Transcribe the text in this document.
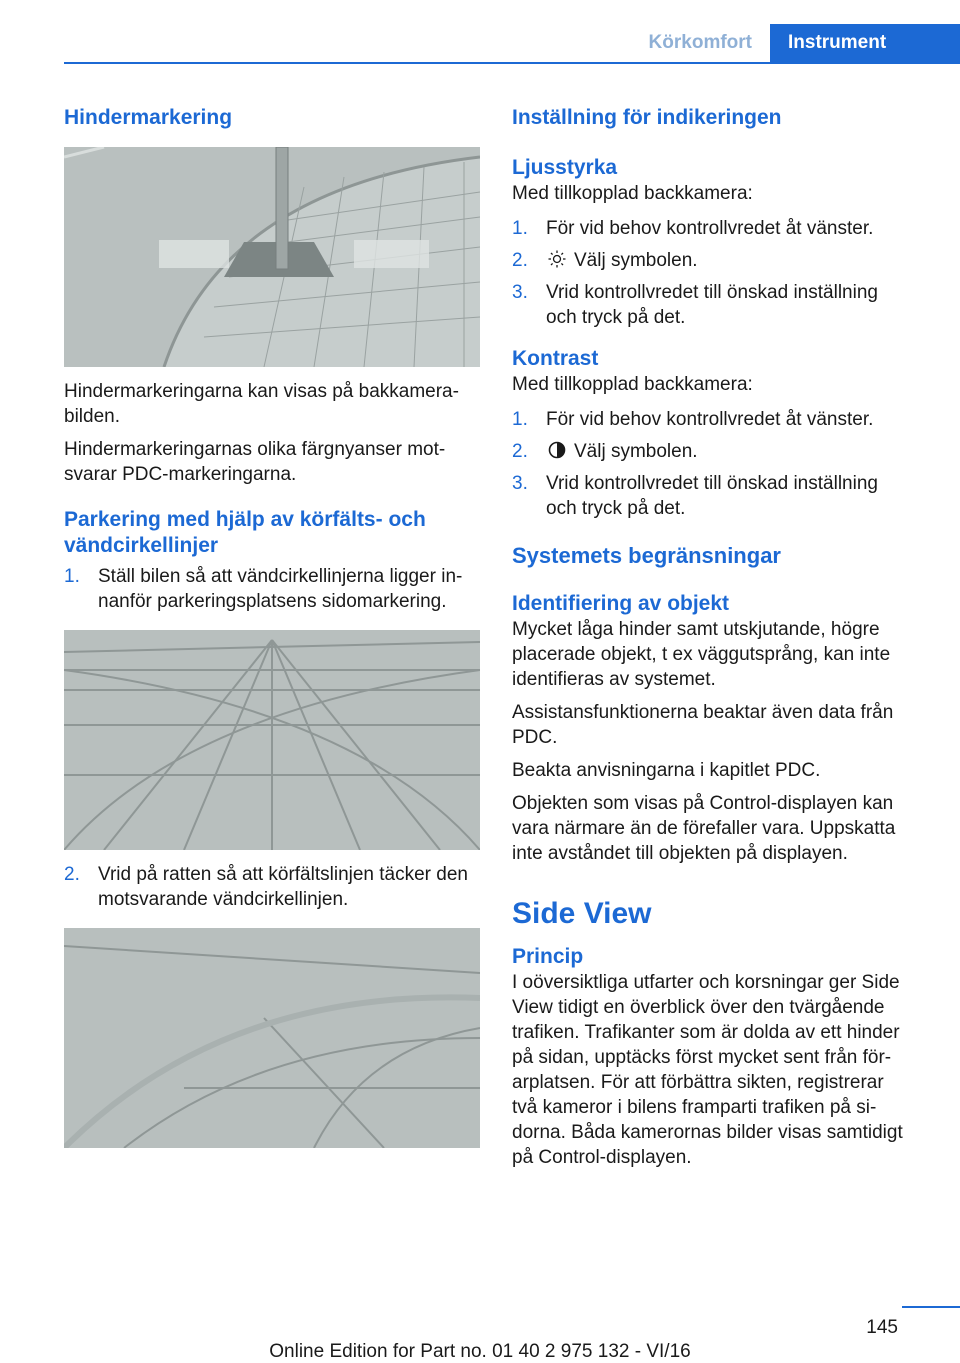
Körkomfort	Instrument
Hindermarkering

Hindermarkeringarna kan visas på bakkamerabilden.

Hindermarkeringarnas olika färgnyanser motsvarar PDC-markeringarna.

Parkering med hjälp av körfälts- och vändcirkellinjer
1. Ställ bilen så att vändcirkellinjerna ligger innanför parkeringsplatsens sidomarkering.
2. Vrid på ratten så att körfältslinjen täcker den motsvarande vändcirkellinjen.
Inställning för indikeringen
Ljusstyrka

Med tillkopplad backkamera:

1. För vid behov kontrollvredet åt vänster.
2. Välj symbolen.
3. Vrid kontrollvredet till önskad inställning och tryck på det.
Kontrast

Med tillkopplad backkamera:

1. För vid behov kontrollvredet åt vänster.
2. Välj symbolen.
3. Vrid kontrollvredet till önskad inställning och tryck på det.
Systemets begränsningar
Identifiering av objekt

Mycket låga hinder samt utskjutande, högre placerade objekt, t ex väggutsprång, kan inte identifieras av systemet.

Assistansfunktionerna beaktar även data från PDC.

Beakta anvisningarna i kapitlet PDC.

Objekten som visas på Control-displayen kan vara närmare än de förefaller vara. Uppskatta inte avståndet till objekten på displayen.

Side View
Princip

I oöversiktliga utfarter och korsningar ger Side View tidigt en överblick över den tvärgående trafiken. Trafikanter som är dolda av ett hinder på sidan, upptäcks först mycket sent från förarplatsen. För att förbättra sikten, registrerar två kameror i bilens framparti trafiken på sidorna. Båda kamerornas bilder visas samtidigt på Control-displayen.

145
Online Edition for Part no. 01 40 2 975 132 - VI/16
